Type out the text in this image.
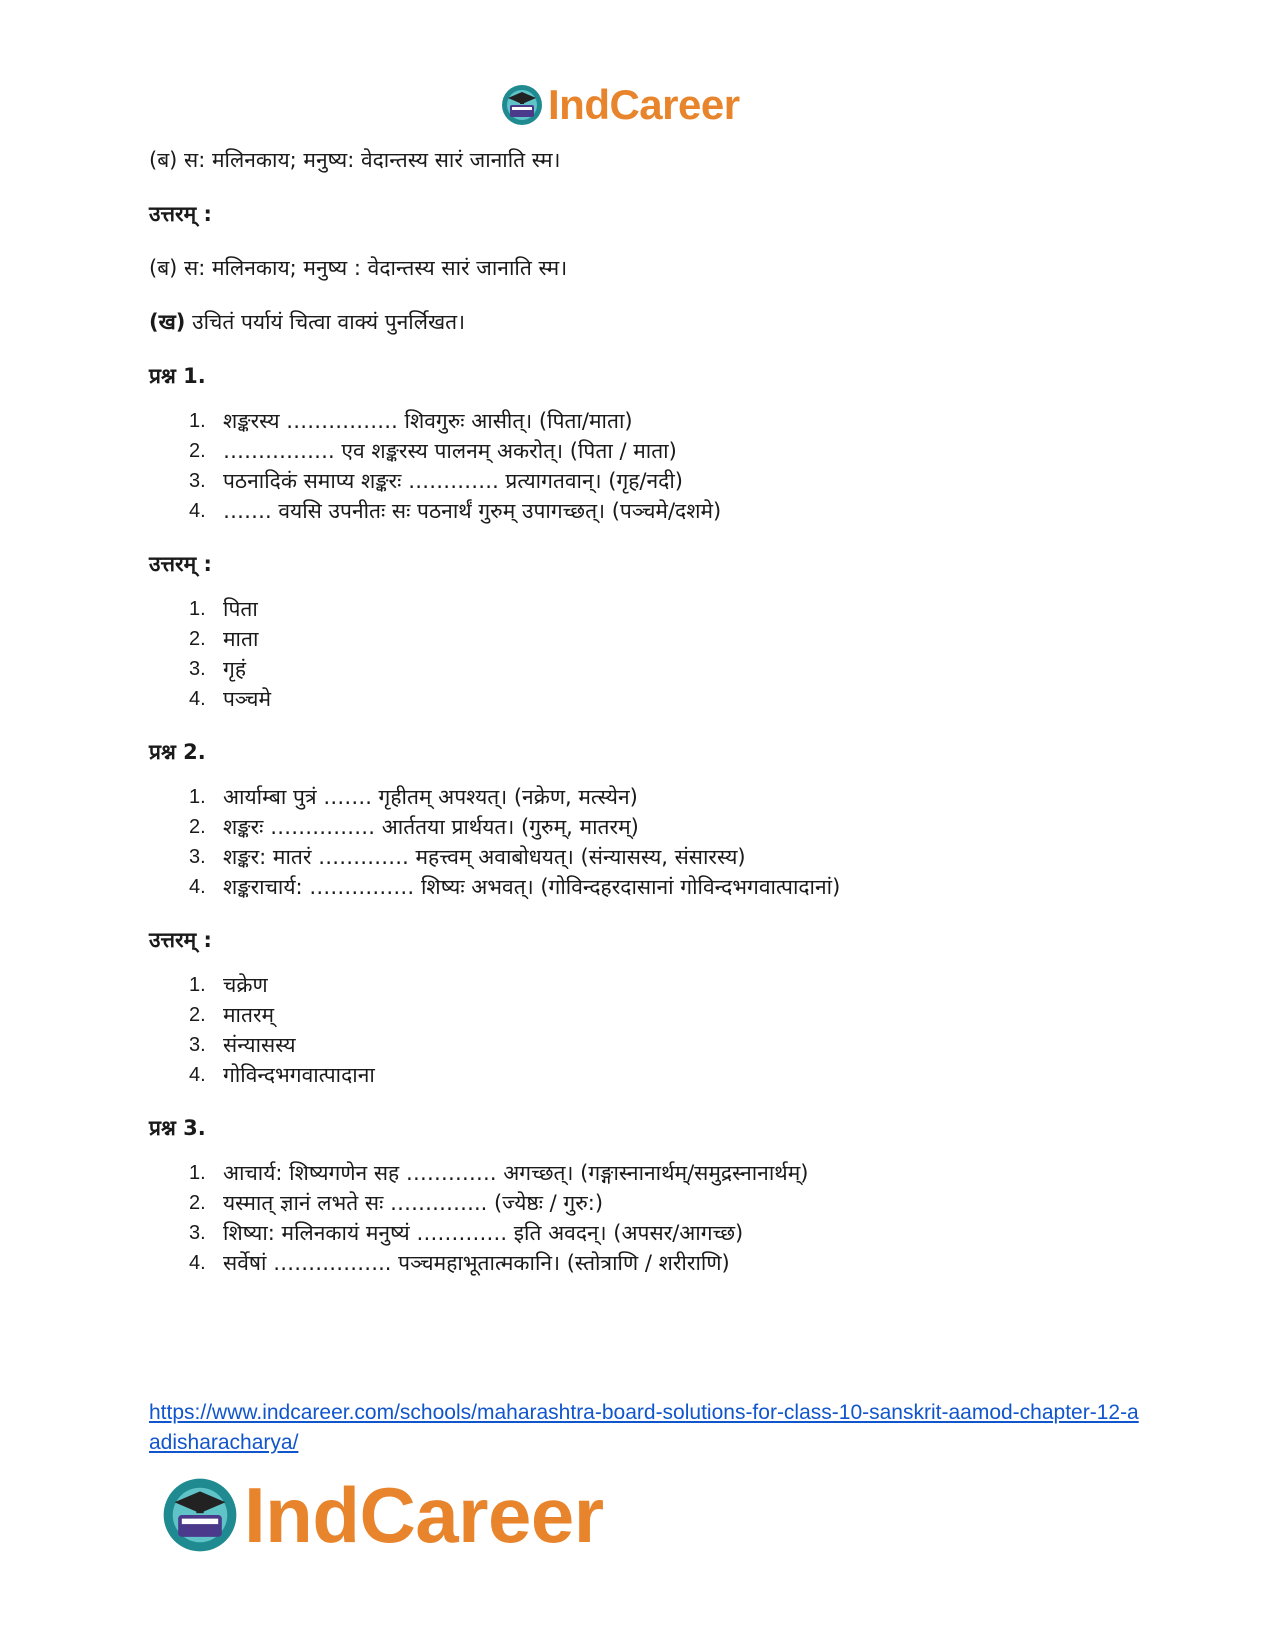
IndCareer

(ब) स: मलिनकाय; मनुष्य: वेदान्तस्य सारं जानाति स्म।

उत्तरम् :

(ब) स: मलिनकाय; मनुष्य : वेदान्तस्य सारं जानाति स्म।

(ख) उचितं पर्यायं चित्वा वाक्यं पुनर्लिखत।

प्रश्न 1.

1. शङ्करस्य ……………. शिवगुरुः आसीत्। (पिता/माता)
2. ……………. एव शङ्करस्य पालनम् अकरोत्। (पिता / माता)
3. पठनादिकं समाप्य शङ्करः …………. प्रत्यागतवान्। (गृह/नदी)
4. ……. वयसि उपनीतः सः पठनार्थं गुरुम् उपागच्छत्। (पञ्चमे/दशमे)

उत्तरम् :

1. पिता
2. माता
3. गृहं
4. पञ्चमे

प्रश्न 2.

1. आर्याम्बा पुत्रं ……. गृहीतम् अपश्यत्। (नक्रेण, मत्स्येन)
2. शङ्करः …………… आर्ततया प्रार्थयत। (गुरुम्, मातरम्)
3. शङ्कर: मातरं …………. महत्त्वम् अवाबोधयत्। (संन्यासस्य, संसारस्य)
4. शङ्कराचार्य: …………… शिष्यः अभवत्। (गोविन्दहरदासानां गोविन्दभगवात्पादानां)

उत्तरम् :

1. चक्रेण
2. मातरम्
3. संन्यासस्य
4. गोविन्दभगवात्पादाना

प्रश्न 3.

1. आचार्य: शिष्यगणेन सह …………. अगच्छत्। (गङ्गास्नानार्थम्/समुद्रस्नानार्थम्)
2. यस्मात् ज्ञानं लभते सः ………….. (ज्येष्ठः / गुरु:)
3. शिष्या: मलिनकायं मनुष्यं …………. इति अवदन्। (अपसर/आगच्छ)
4. सर्वेषां …………….. पञ्चमहाभूतात्मकानि। (स्तोत्राणि / शरीराणि)
https://www.indcareer.com/schools/maharashtra-board-solutions-for-class-10-sanskrit-aamod-chapter-12-aadisharacharya/
IndCareer
